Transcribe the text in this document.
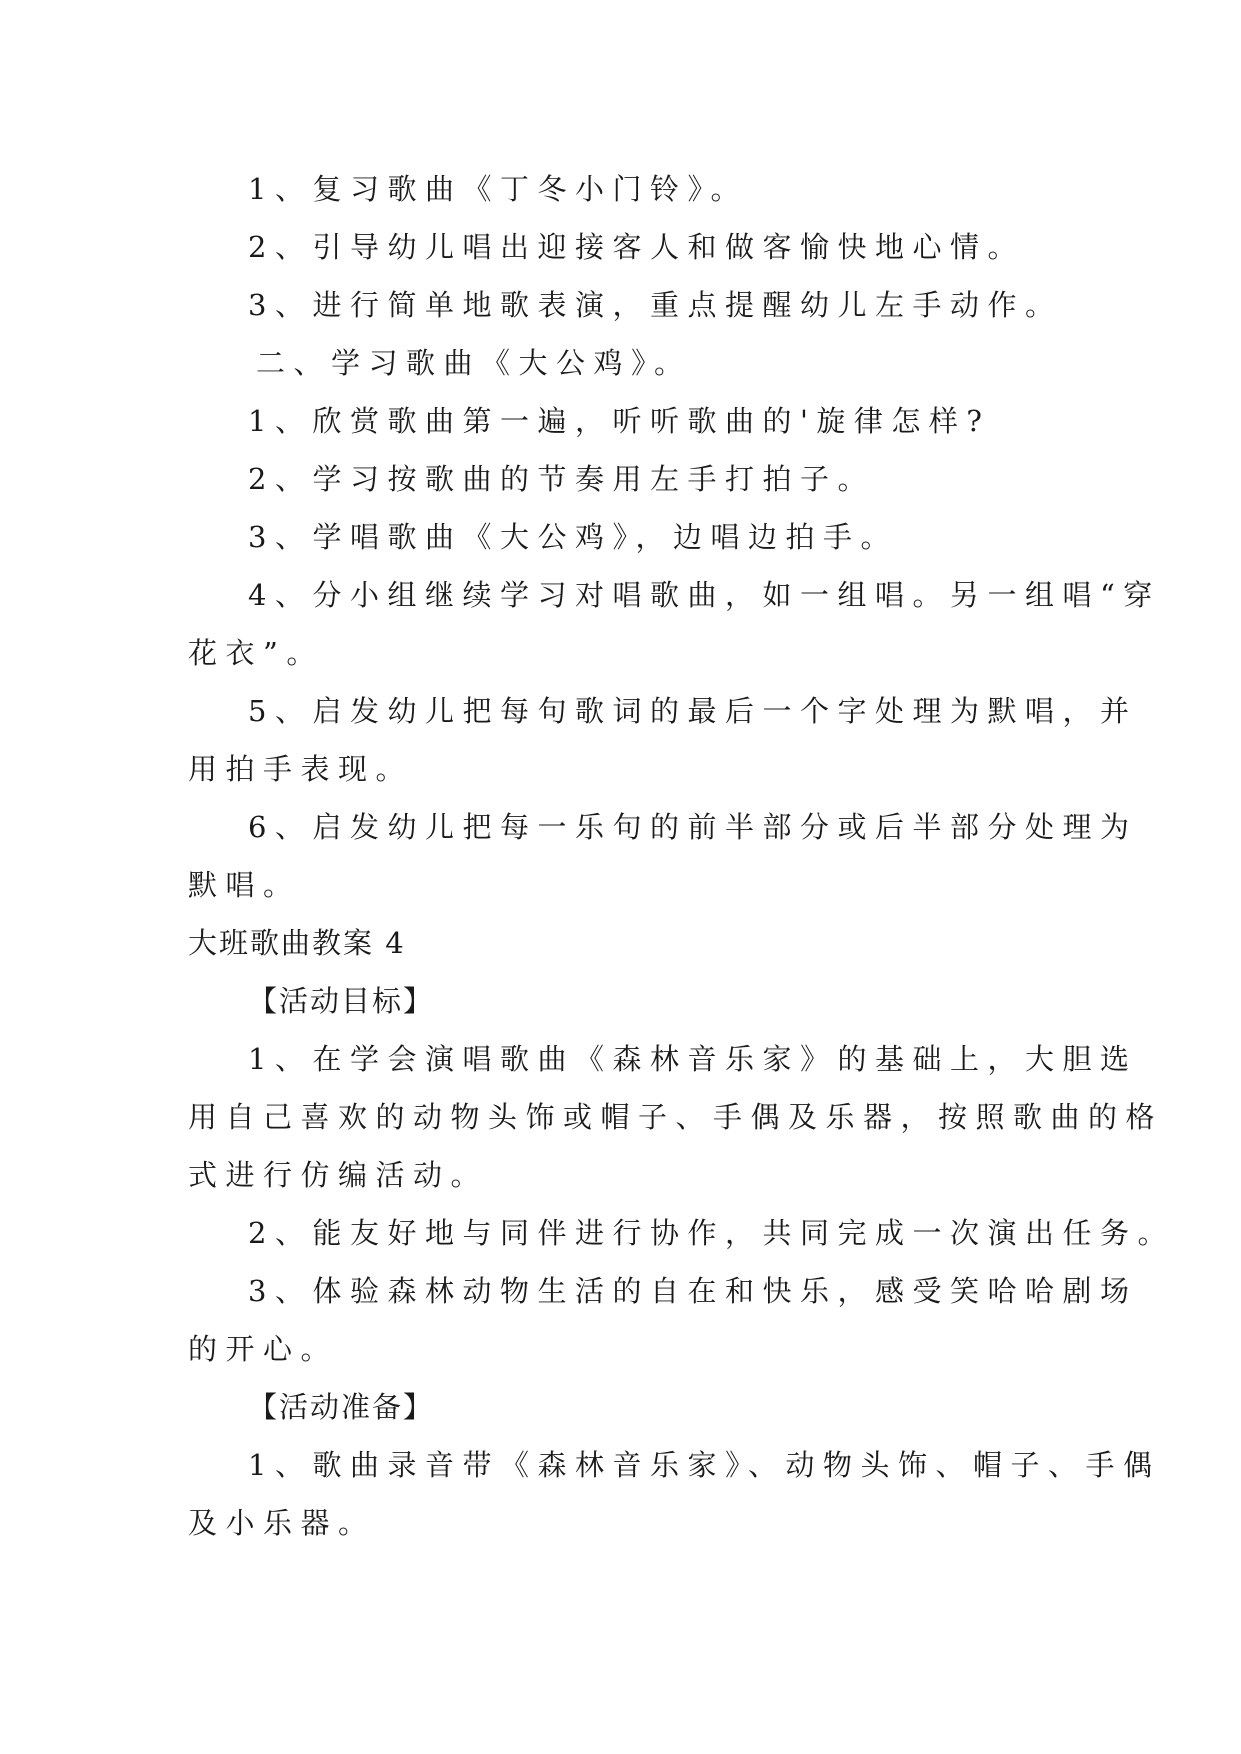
1、复习歌曲《丁冬小门铃》。

2、引导幼儿唱出迎接客人和做客愉快地心情。

3、进行简单地歌表演，重点提醒幼儿左手动作。

二、学习歌曲《大公鸡》。

1、欣赏歌曲第一遍，听听歌曲的'旋律怎样?

2、学习按歌曲的节奏用左手打拍子。

3、学唱歌曲《大公鸡》，边唱边拍手。

4、分小组继续学习对唱歌曲，如一组唱。另一组唱“穿

花衣”。

5、启发幼儿把每句歌词的最后一个字处理为默唱，并

用拍手表现。

6、启发幼儿把每一乐句的前半部分或后半部分处理为

默唱。

大班歌曲教案 4

【活动目标】

1、在学会演唱歌曲《森林音乐家》的基础上，大胆选

用自己喜欢的动物头饰或帽子、手偶及乐器，按照歌曲的格

式进行仿编活动。

2、能友好地与同伴进行协作，共同完成一次演出任务。

3、体验森林动物生活的自在和快乐，感受笑哈哈剧场

的开心。

【活动准备】

1、歌曲录音带《森林音乐家》、动物头饰、帽子、手偶

及小乐器。
